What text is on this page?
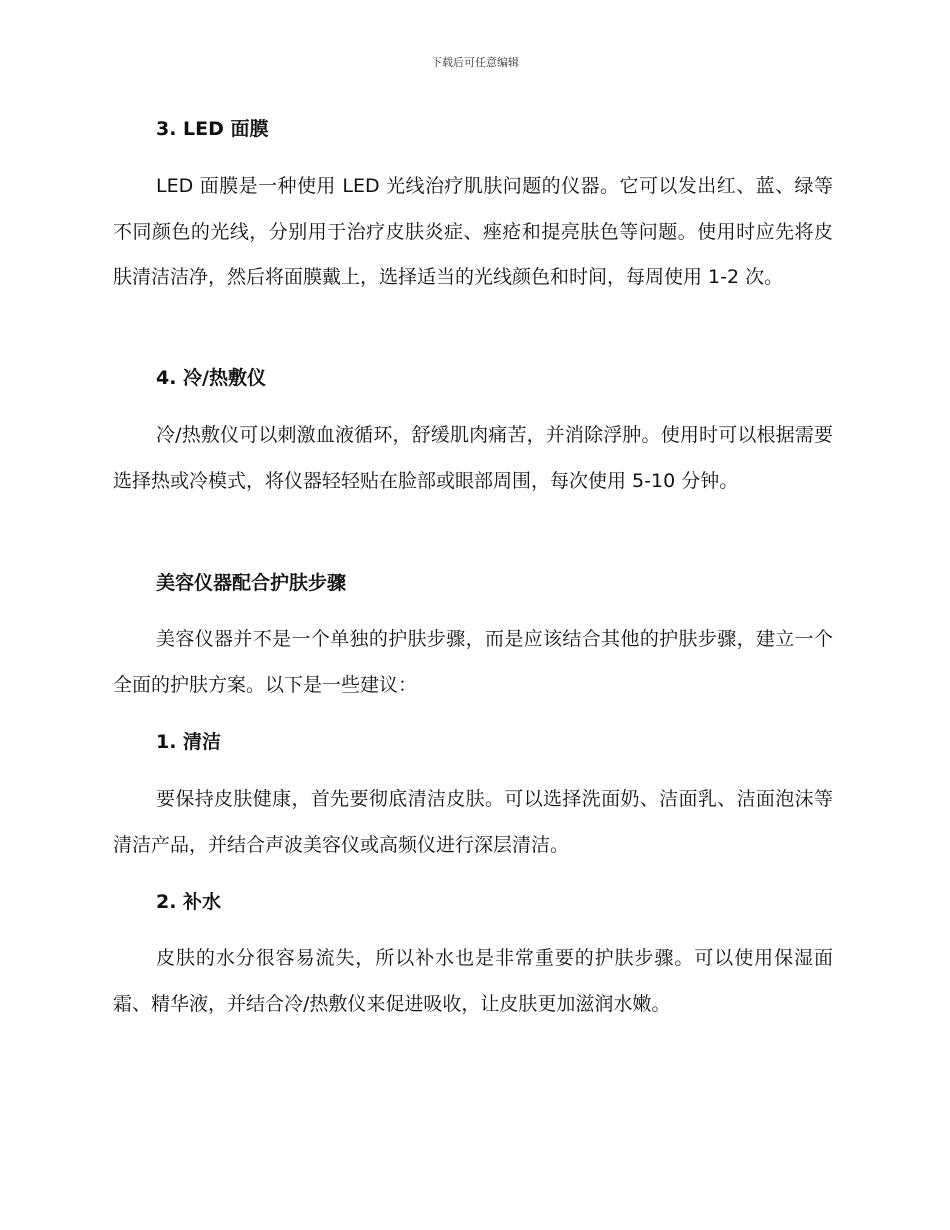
下载后可任意编辑
3. LED 面膜
LED 面膜是一种使用 LED 光线治疗肌肤问题的仪器。它可以发出红、蓝、绿等不同颜色的光线，分别用于治疗皮肤炎症、痤疮和提亮肤色等问题。使用时应先将皮肤清洁洁净，然后将面膜戴上，选择适当的光线颜色和时间，每周使用 1-2 次。
4. 冷/热敷仪
冷/热敷仪可以刺激血液循环，舒缓肌肉痛苦，并消除浮肿。使用时可以根据需要选择热或冷模式，将仪器轻轻贴在脸部或眼部周围，每次使用 5-10 分钟。
美容仪器配合护肤步骤
美容仪器并不是一个单独的护肤步骤，而是应该结合其他的护肤步骤，建立一个全面的护肤方案。以下是一些建议：
1. 清洁
要保持皮肤健康，首先要彻底清洁皮肤。可以选择洗面奶、洁面乳、洁面泡沫等清洁产品，并结合声波美容仪或高频仪进行深层清洁。
2. 补水
皮肤的水分很容易流失，所以补水也是非常重要的护肤步骤。可以使用保湿面霜、精华液，并结合冷/热敷仪来促进吸收，让皮肤更加滋润水嫩。
